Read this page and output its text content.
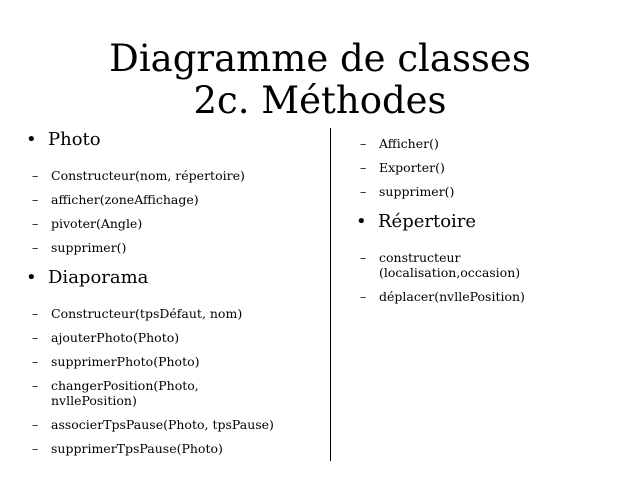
Diagramme de classes
2c. Méthodes
• Photo
–	Constructeur(nom, répertoire)
–	afficher(zoneAffichage)
–	pivoter(Angle)
–	supprimer()
• Diaporama
–	Constructeur(tpsDéfaut, nom)
–	ajouterPhoto(Photo)
–	supprimerPhoto(Photo)
–	changerPosition(Photo, nvllePosition)
–	associerTpsPause(Photo, tpsPause)
–	supprimerTpsPause(Photo)
–	Afficher()
–	Exporter()
–	supprimer()
• Répertoire
–	constructeur (localisation,occasion)
–	déplacer(nvllePosition)
